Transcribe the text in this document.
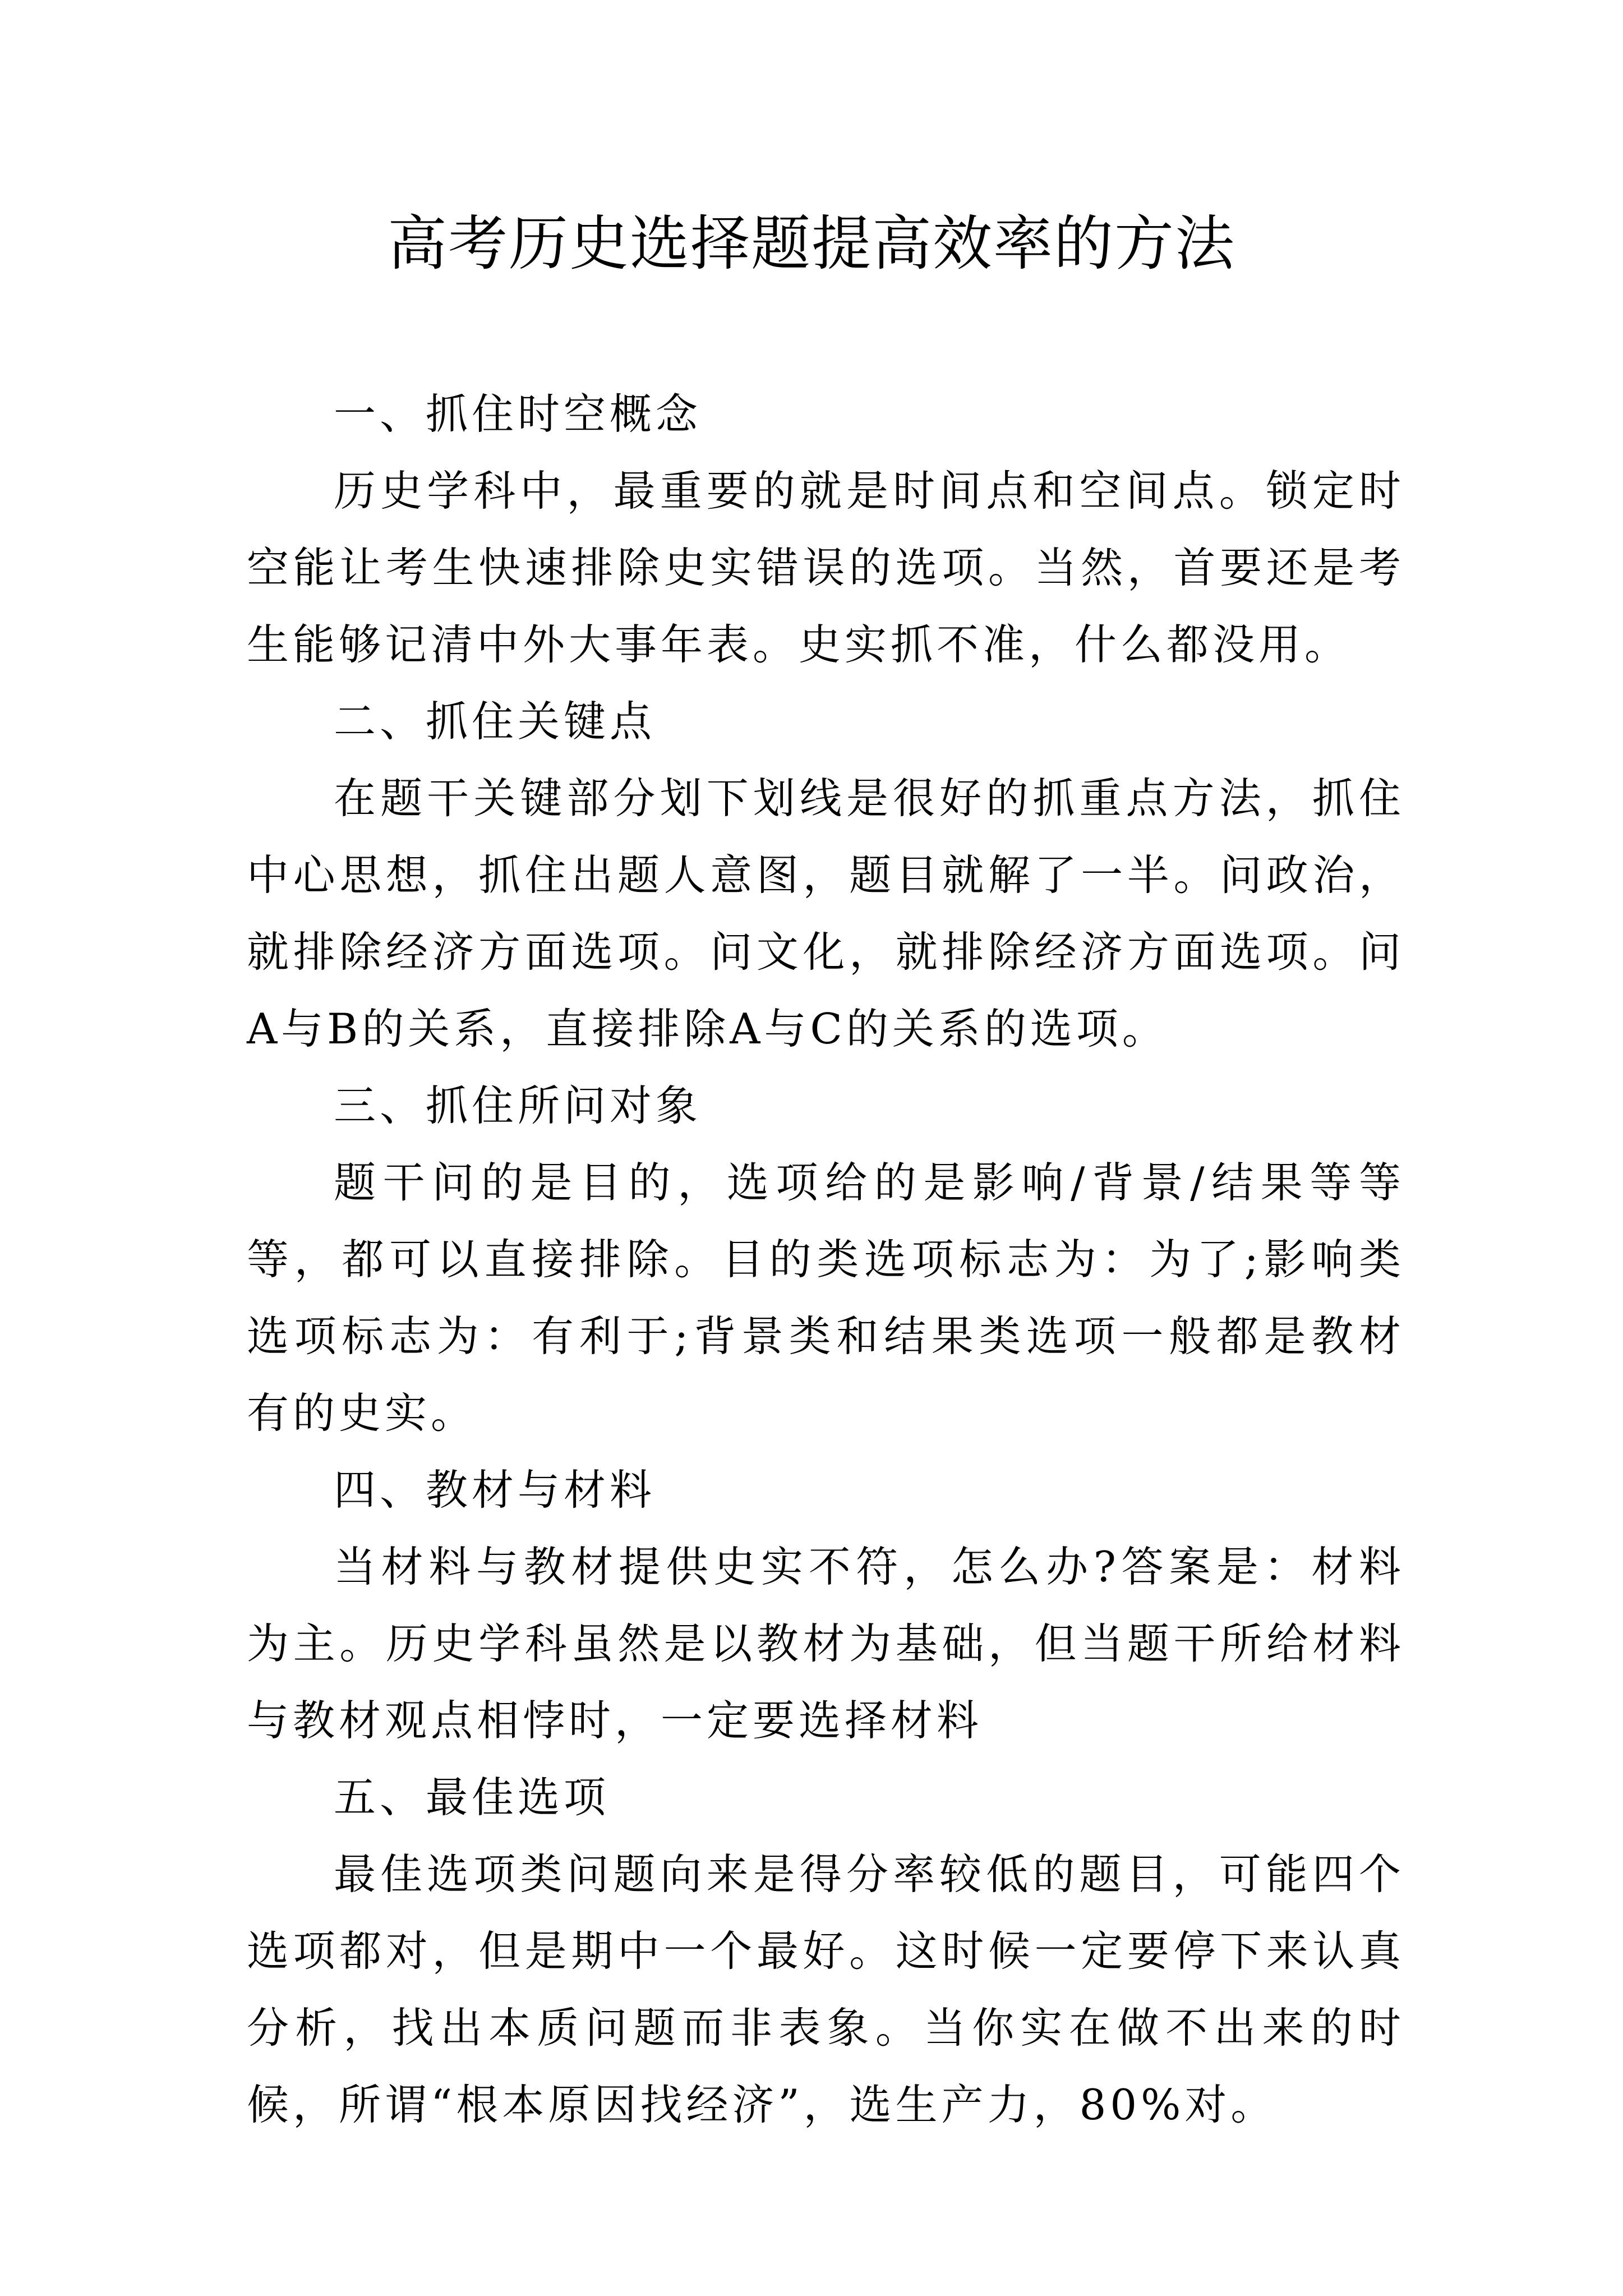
高考历史选择题提高效率的方法

一、抓住时空概念

历史学科中，最重要的就是时间点和空间点。锁定时空能让考生快速排除史实错误的选项。当然，首要还是考生能够记清中外大事年表。史实抓不准，什么都没用。

二、抓住关键点

在题干关键部分划下划线是很好的抓重点方法，抓住中心思想，抓住出题人意图，题目就解了一半。问政治，就排除经济方面选项。问文化，就排除经济方面选项。问A与B的关系，直接排除A与C的关系的选项。

三、抓住所问对象

题干问的是目的，选项给的是影响/背景/结果等等等，都可以直接排除。目的类选项标志为：为了;影响类选项标志为：有利于;背景类和结果类选项一般都是教材有的史实。

四、教材与材料

当材料与教材提供史实不符，怎么办?答案是：材料为主。历史学科虽然是以教材为基础，但当题干所给材料与教材观点相悖时，一定要选择材料

五、最佳选项

最佳选项类问题向来是得分率较低的题目，可能四个选项都对，但是期中一个最好。这时候一定要停下来认真分析，找出本质问题而非表象。当你实在做不出来的时候，所谓“根本原因找经济”，选生产力，80%对。
